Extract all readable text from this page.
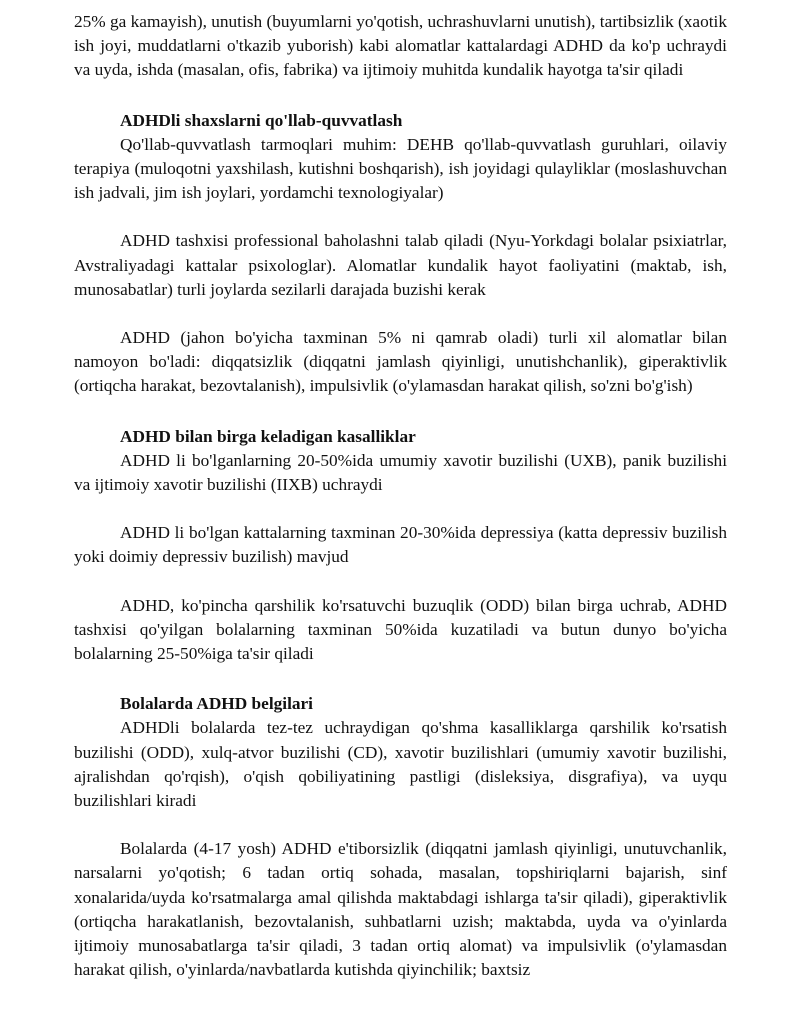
25% ga kamayish), unutish (buyumlarni yo'qotish, uchrashuvlarni unutish), tartibsizlik (xaotik ish joyi, muddatlarni o'tkazib yuborish) kabi alomatlar kattalardagi ADHD da ko'p uchraydi va uyda, ishda (masalan, ofis, fabrika) va ijtimoiy muhitda kundalik hayotga ta'sir qiladi

ADHDli shaxslarni qo'llab-quvvatlash

Qo'llab-quvvatlash tarmoqlari muhim: DEHB qo'llab-quvvatlash guruhlari, oilaviy terapiya (muloqotni yaxshilash, kutishni boshqarish), ish joyidagi qulayliklar (moslashuvchan ish jadvali, jim ish joylari, yordamchi texnologiyalar)

ADHD tashxisi professional baholashni talab qiladi (Nyu-Yorkdagi bolalar psixiatrlar, Avstraliyadagi kattalar psixologlar). Alomatlar kundalik hayot faoliyatini (maktab, ish, munosabatlar) turli joylarda sezilarli darajada buzishi kerak

ADHD (jahon bo'yicha taxminan 5% ni qamrab oladi) turli xil alomatlar bilan namoyon bo'ladi: diqqatsizlik (diqqatni jamlash qiyinligi, unutishchanlik), giperaktivlik (ortiqcha harakat, bezovtalanish), impulsivlik (o'ylamasdan harakat qilish, so'zni bo'g'ish)

ADHD bilan birga keladigan kasalliklar

ADHD li bo'lganlarning 20-50%ida umumiy xavotir buzilishi (UXB), panik buzilishi va ijtimoiy xavotir buzilishi (IIXB) uchraydi

ADHD li bo'lgan kattalarning taxminan 20-30%ida depressiya (katta depressiv buzilish yoki doimiy depressiv buzilish) mavjud

ADHD, ko'pincha qarshilik ko'rsatuvchi buzuqlik (ODD) bilan birga uchrab, ADHD tashxisi qo'yilgan bolalarning taxminan 50%ida kuzatiladi va butun dunyo bo'yicha bolalarning 25-50%iga ta'sir qiladi

Bolalarda ADHD belgilari

ADHDli bolalarda tez-tez uchraydigan qo'shma kasalliklarga qarshilik ko'rsatish buzilishi (ODD), xulq-atvor buzilishi (CD), xavotir buzilishlari (umumiy xavotir buzilishi, ajralishdan qo'rqish), o'qish qobiliyatining pastligi (disleksiya, disgrafiya), va uyqu buzilishlari kiradi

Bolalarda (4-17 yosh) ADHD e'tiborsizlik (diqqatni jamlash qiyinligi, unutuvchanlik, narsalarni yo'qotish; 6 tadan ortiq sohada, masalan, topshiriqlarni bajarish, sinf xonalarida/uyda ko'rsatmalarga amal qilishda maktabdagi ishlarga ta'sir qiladi), giperaktivlik (ortiqcha harakatlanish, bezovtalanish, suhbatlarni uzish; maktabda, uyda va o'yinlarda ijtimoiy munosabatlarga ta'sir qiladi, 3 tadan ortiq alomat) va impulsivlik (o'ylamasdan harakat qilish, o'yinlarda/navbatlarda kutishda qiyinchilik; baxtsiz
